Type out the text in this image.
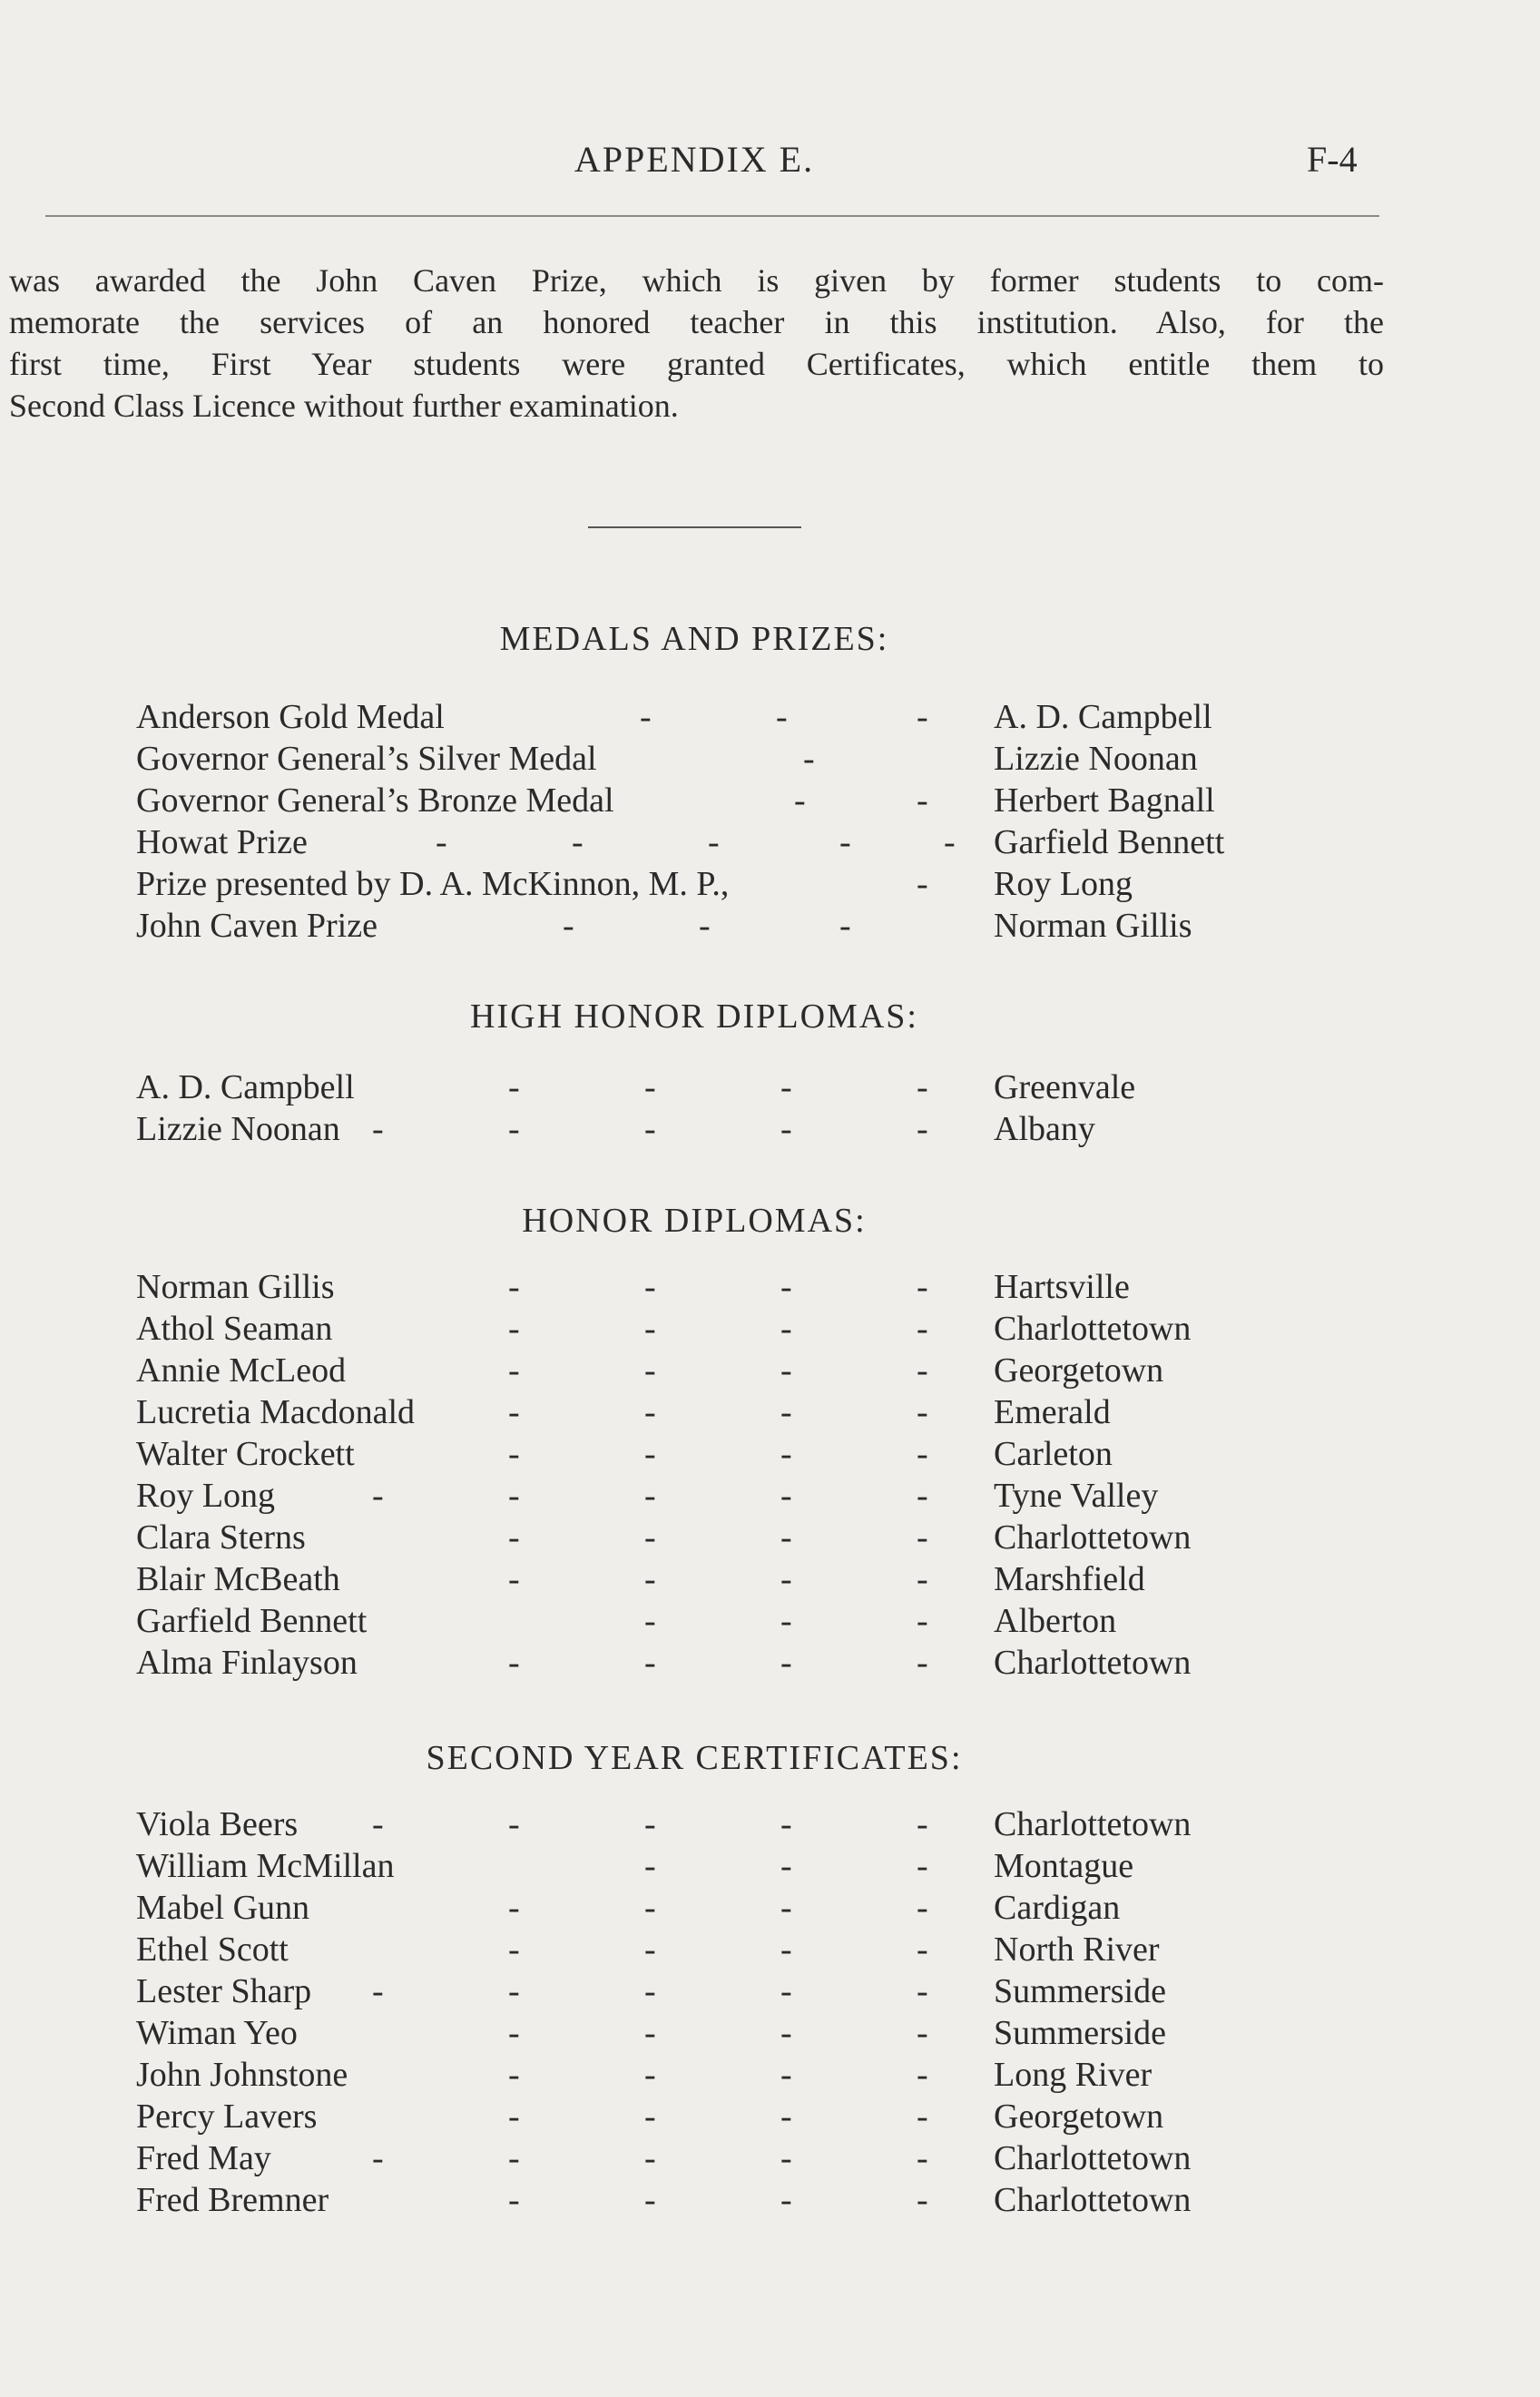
APPENDIX E.	F-4
was awarded the John Caven Prize, which is given by former students to com-
memorate the services of an honored teacher in this institution. Also, for the
first time, First Year students were granted Certificates, which entitle them to
Second Class Licence without further examination.
MEDALS AND PRIZES:
Anderson Gold Medal	-	-	- A. D. Campbell
Governor General’s Silver Medal	-	Lizzie Noonan
Governor General’s Bronze Medal	-	- Herbert Bagnall
Howat Prize	-	-	-	-	- Garfield Bennett
Prize presented by D. A. McKinnon, M. P.,	- Roy Long
John Caven Prize	-	-	-	Norman Gillis
HIGH HONOR DIPLOMAS:
A. D. Campbell	-	-	-	- Greenvale
Lizzie Noonan -	-	-	-	- Albany
HONOR DIPLOMAS:
Norman Gillis	-	-	-	- Hartsville
Athol Seaman	-	-	-	- Charlottetown
Annie McLeod	-	-	-	- Georgetown
Lucretia Macdonald	-	-	-	- Emerald
Walter Crockett	-	-	-	- Carleton
Roy Long	-	-	-	-	- Tyne Valley
Clara Sterns	-	-	-	- Charlottetown
Blair McBeath	-	-	-	- Marshfield
Garfield Bennett	-	-	- Alberton
Alma Finlayson	-	-	-	- Charlottetown
SECOND YEAR CERTIFICATES:
Viola Beers -	-	-	-	- Charlottetown
William McMillan	-	-	- Montague
Mabel Gunn	-	-	-	- Cardigan
Ethel Scott	-	-	-	- North River
Lester Sharp -	-	-	-	- Summerside
Wiman Yeo	-	-	-	- Summerside
John Johnstone	-	-	-	- Long River
Percy Lavers	-	-	-	- Georgetown
Fred May	-	-	-	-	- Charlottetown
Fred Bremner	-	-	-	- Charlottetown
